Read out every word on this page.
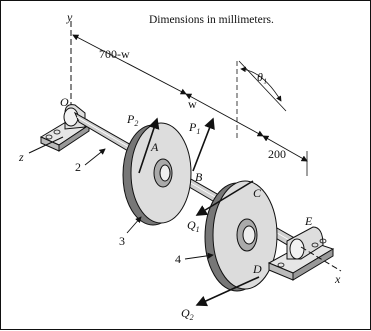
Dimensions in millimeters.
y
700-w
w
200
θ₁
O
z
x
$P_2$	$P_1$
$Q_1$
$Q_2$
A
B
C
D
E
2
3
4
